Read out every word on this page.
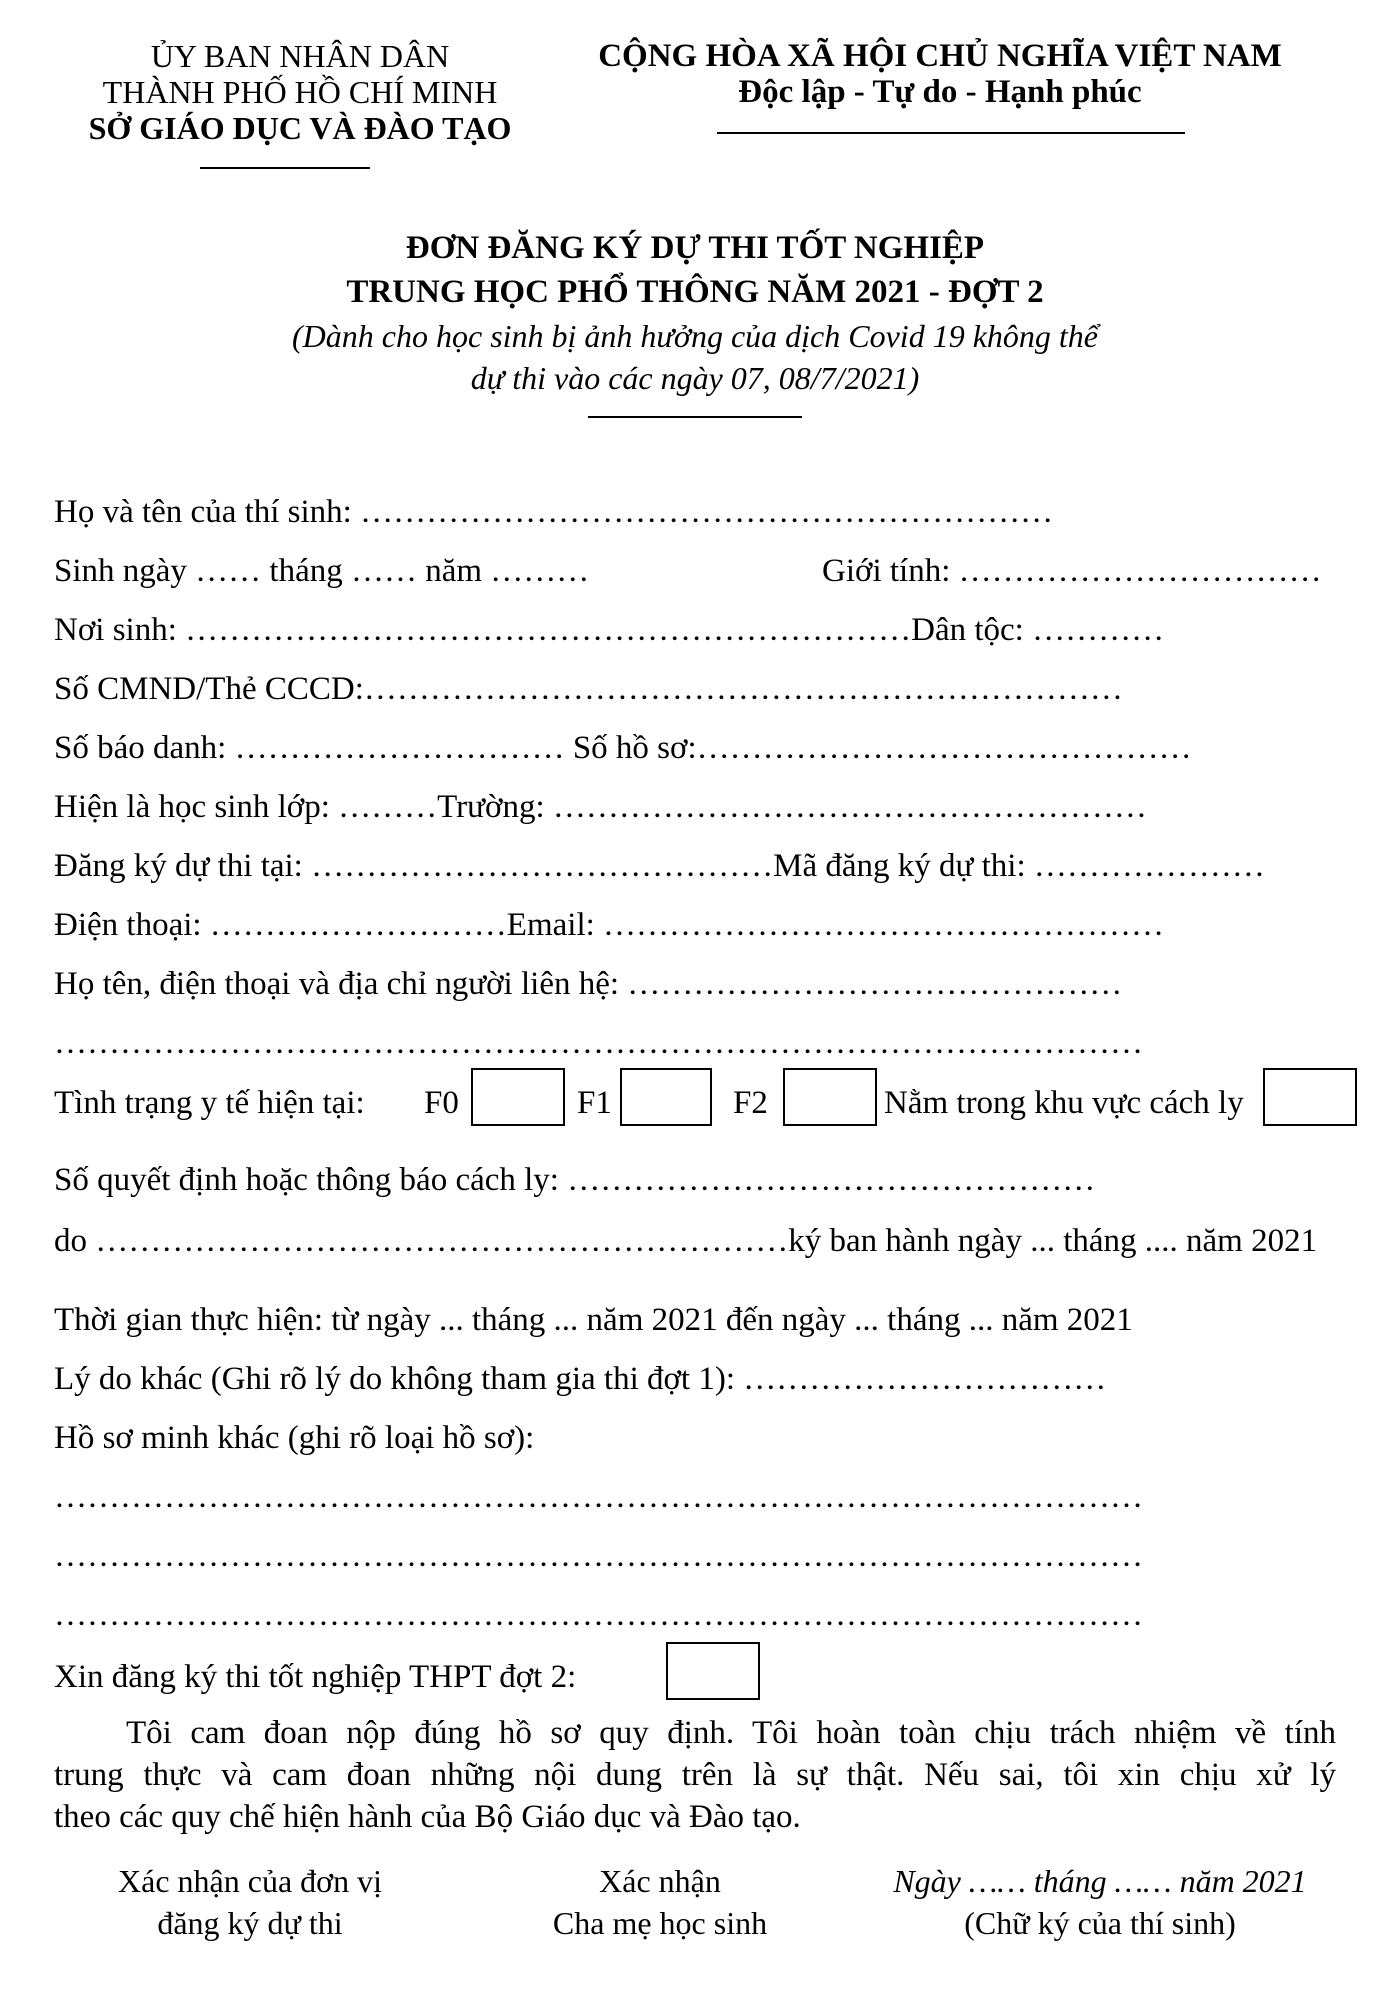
ỦY BAN NHÂN DÂN
THÀNH PHỐ HỒ CHÍ MINH
SỞ GIÁO DỤC VÀ ĐÀO TẠO
CỘNG HÒA XÃ HỘI CHỦ NGHĨA VIỆT NAM
Độc lập - Tự do - Hạnh phúc
ĐƠN ĐĂNG KÝ DỰ THI TỐT NGHIỆP
TRUNG HỌC PHỔ THÔNG NĂM 2021 - ĐỢT 2
(Dành cho học sinh bị ảnh hưởng của dịch Covid 19 không thể
dự thi vào các ngày 07, 08/7/2021)
Họ và tên của thí sinh: ………………………………………………………
Sinh ngày …… tháng …… năm ………	Giới tính: ……………………………
Nơi sinh: …………………………………………………………Dân tộc: …………
Số CMND/Thẻ CCCD:……………………………………………………………
Số báo danh: ………………………… Số hồ sơ:………………………………………
Hiện là học sinh lớp: ………Trường: ………………………………………………
Đăng ký dự thi tại: ……………………………………Mã đăng ký dự thi: …………………
Điện thoại: ………………………Email: ……………………………………………
Họ tên, điện thoại và địa chỉ người liên hệ: ………………………………………
………………………………………………………………………………………
Tình trạng y tế hiện tại: F0	F1	F2	Nằm trong khu vực cách ly
Số quyết định hoặc thông báo cách ly: …………………………………………
do ………………………………………………………ký ban hành ngày ... tháng .... năm 2021
Thời gian thực hiện: từ ngày ... tháng ... năm 2021 đến ngày ... tháng ... năm 2021
Lý do khác (Ghi rõ lý do không tham gia thi đợt 1): ……………………………
Hồ sơ minh khác (ghi rõ loại hồ sơ):
………………………………………………………………………………………
………………………………………………………………………………………
………………………………………………………………………………………
Xin đăng ký thi tốt nghiệp THPT đợt 2:
Tôi cam đoan nộp đúng hồ sơ quy định. Tôi hoàn toàn chịu trách nhiệm về tính
trung thực và cam đoan những nội dung trên là sự thật. Nếu sai, tôi xin chịu xử lý
theo các quy chế hiện hành của Bộ Giáo dục và Đào tạo.
Xác nhận của đơn vị
đăng ký dự thi
Xác nhận
Cha mẹ học sinh
Ngày …… tháng …… năm 2021
(Chữ ký của thí sinh)
